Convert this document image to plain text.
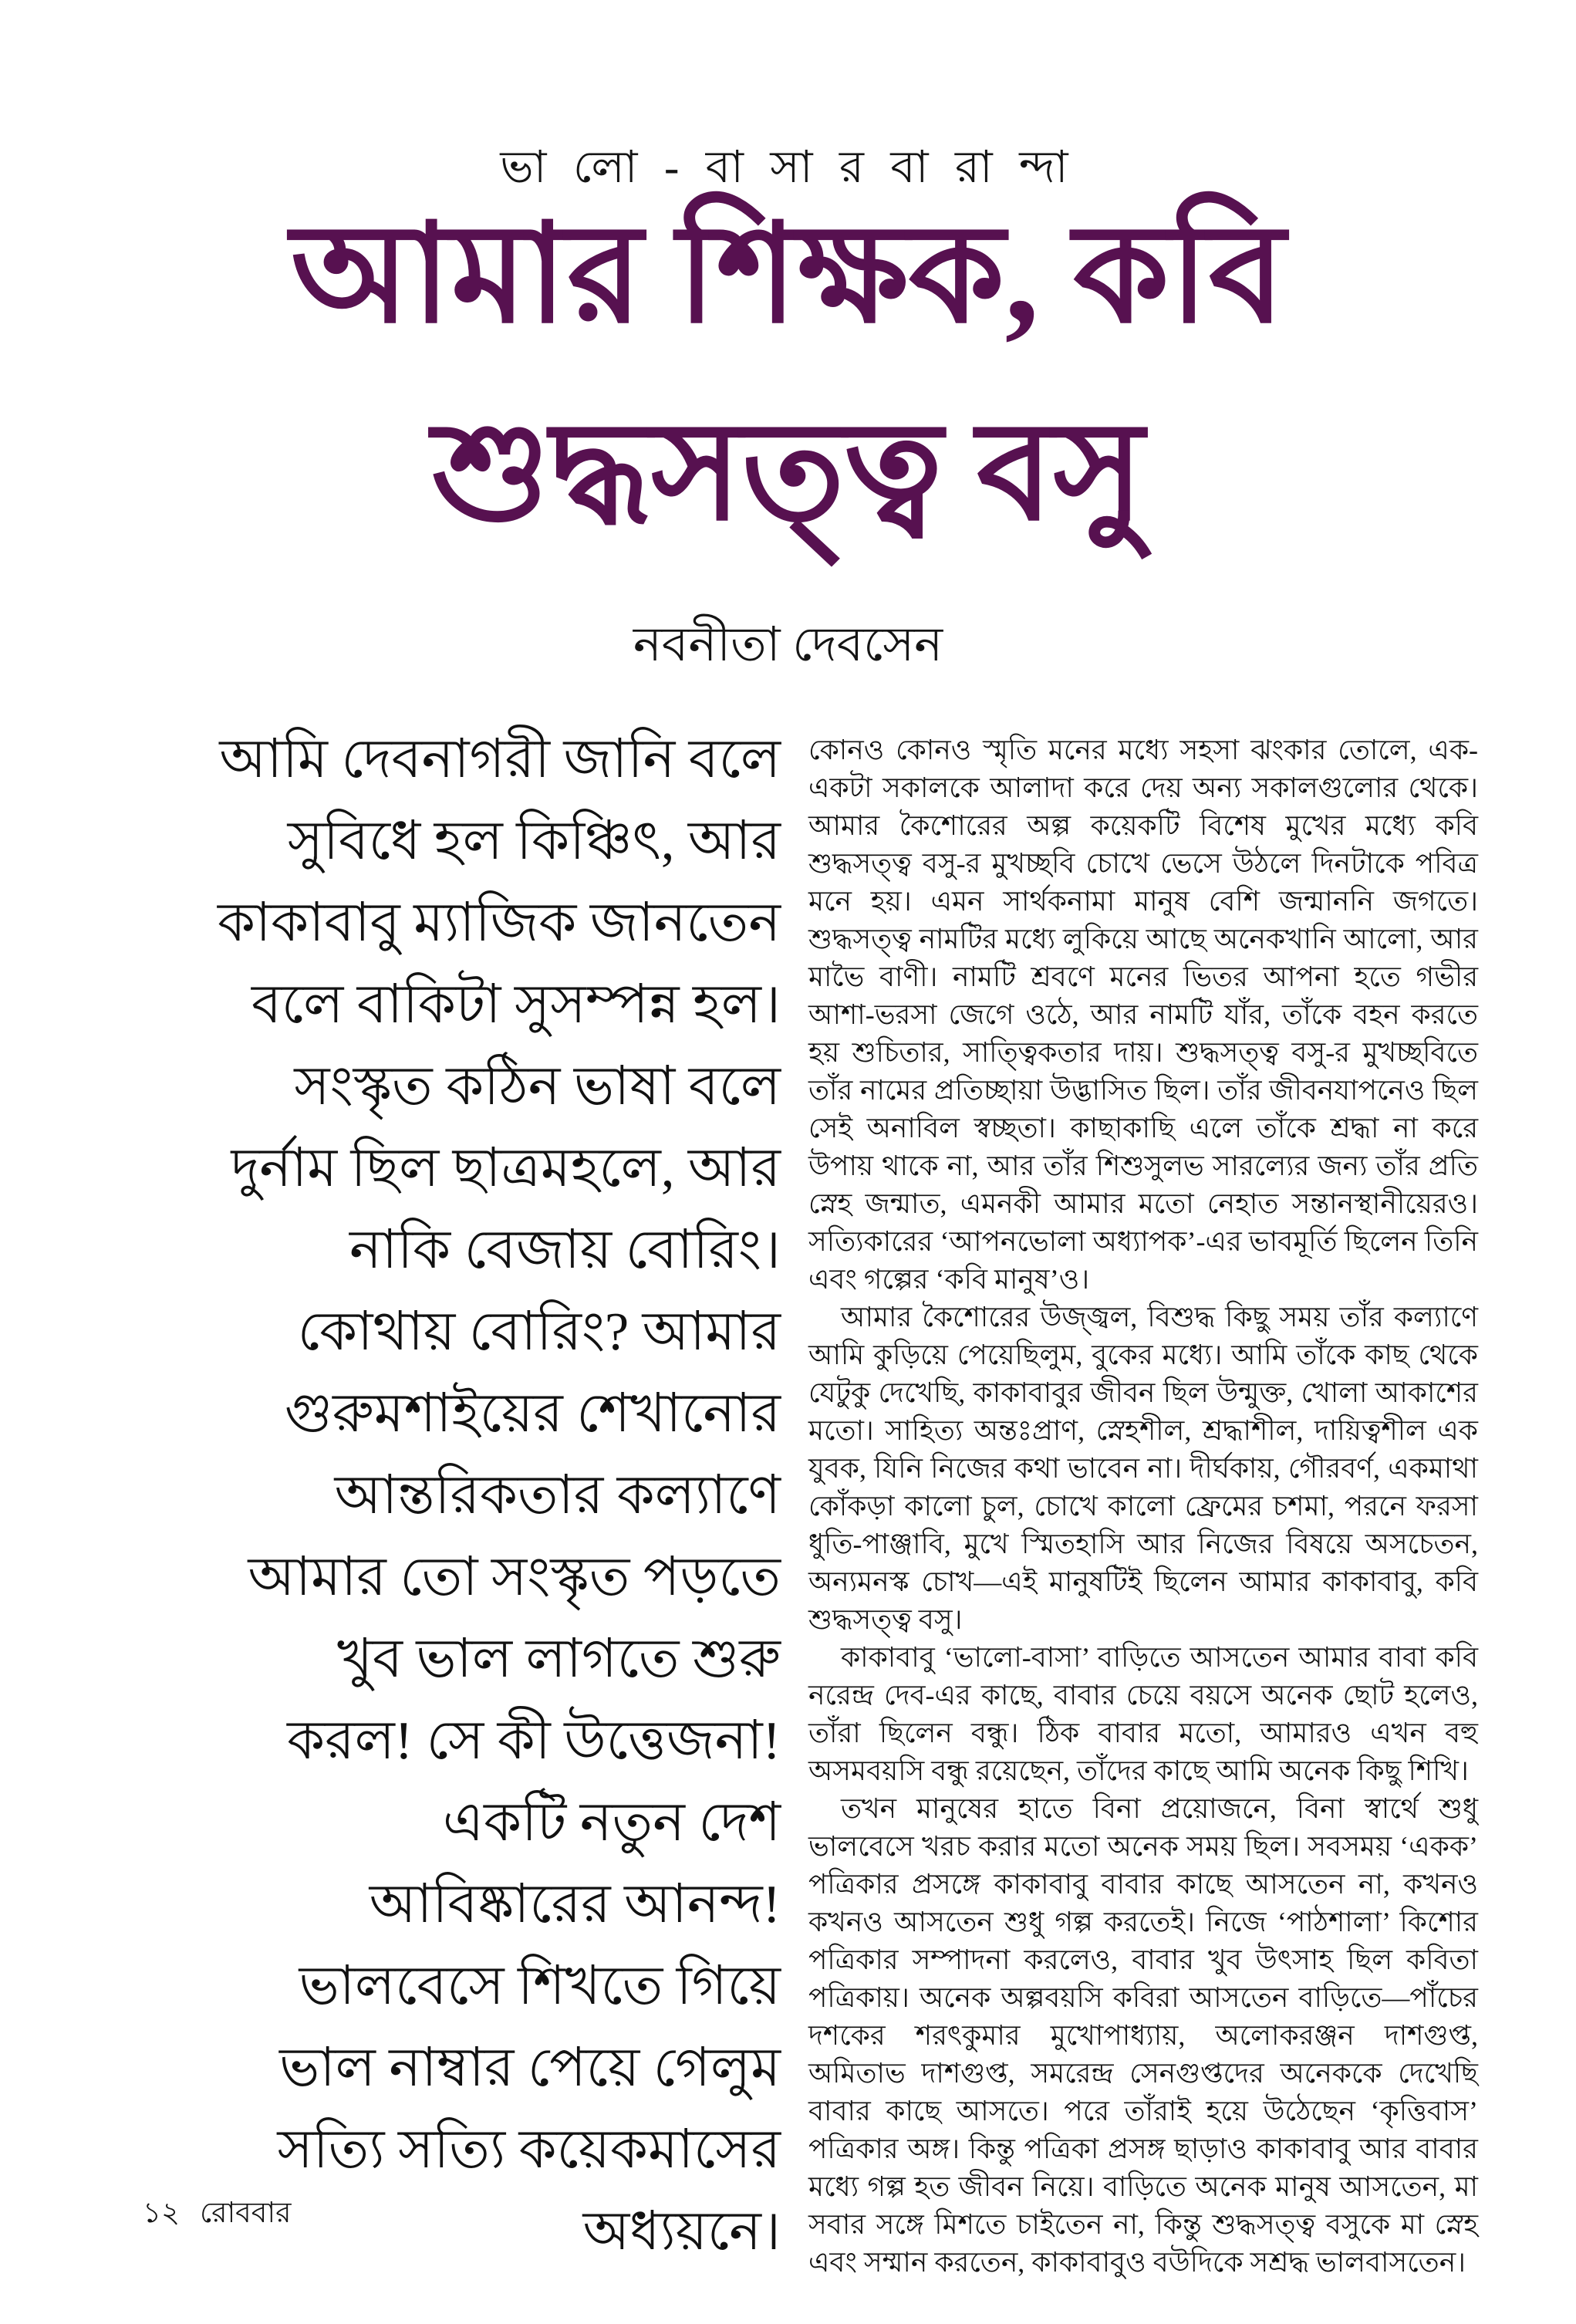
ভা লো - বা সা র বা রা ন্দা
আমার শিক্ষক, কবি
শুদ্ধসত্ত্ব বসু
নবনীতা দেবসেন
আমি দেবনাগরী জানি বলে
সুবিধে হল কিঞ্চিৎ, আর
কাকাবাবু ম্যাজিক জানতেন
বলে বাকিটা সুসম্পন্ন হল।
সংস্কৃত কঠিন ভাষা বলে
দুর্নাম ছিল ছাত্রমহলে, আর
নাকি বেজায় বোরিং।
কোথায় বোরিং? আমার
গুরুমশাইয়ের শেখানোর
আন্তরিকতার কল্যাণে
আমার তো সংস্কৃত পড়তে
খুব ভাল লাগতে শুরু
করল! সে কী উত্তেজনা!
একটি নতুন দেশ
আবিষ্কারের আনন্দ!
ভালবেসে শিখতে গিয়ে
ভাল নাম্বার পেয়ে গেলুম
সত্যি সত্যি কয়েকমাসের
অধ্যয়নে।

কোনও কোনও স্মৃতি মনের মধ্যে সহসা ঝংকার তোলে, এক-একটা সকালকে আলাদা করে দেয় অন্য সকালগুলোর থেকে। আমার কৈশোরের অল্প কয়েকটি বিশেষ মুখের মধ্যে কবি শুদ্ধসত্ত্ব বসু-র মুখচ্ছবি চোখে ভেসে উঠলে দিনটাকে পবিত্র মনে হয়। এমন সার্থকনামা মানুষ বেশি জন্মাননি জগতে। শুদ্ধসত্ত্ব নামটির মধ্যে লুকিয়ে আছে অনেকখানি আলো, আর মাভৈ বাণী। নামটি শ্রবণে মনের ভিতর আপনা হতে গভীর আশা-ভরসা জেগে ওঠে, আর নামটি যাঁর, তাঁকে বহন করতে হয় শুচিতার, সাত্ত্বিকতার দায়। শুদ্ধসত্ত্ব বসু-র মুখচ্ছবিতে তাঁর নামের প্রতিচ্ছায়া উদ্ভাসিত ছিল। তাঁর জীবনযাপনেও ছিল সেই অনাবিল স্বচ্ছতা। কাছাকাছি এলে তাঁকে শ্রদ্ধা না করে উপায় থাকে না, আর তাঁর শিশুসুলভ সারল্যের জন্য তাঁর প্রতি স্নেহ জন্মাত, এমনকী আমার মতো নেহাত সন্তানস্থানীয়েরও। সত্যিকারের ‘আপনভোলা অধ্যাপক’-এর ভাবমূর্তি ছিলেন তিনি এবং গল্পের ‘কবি মানুষ’ও।

আমার কৈশোরের উজ্জ্বল, বিশুদ্ধ কিছু সময় তাঁর কল্যাণে আমি কুড়িয়ে পেয়েছিলুম, বুকের মধ্যে। আমি তাঁকে কাছ থেকে যেটুকু দেখেছি, কাকাবাবুর জীবন ছিল উন্মুক্ত, খোলা আকাশের মতো। সাহিত্য অন্তঃপ্রাণ, স্নেহশীল, শ্রদ্ধাশীল, দায়িত্বশীল এক যুবক, যিনি নিজের কথা ভাবেন না। দীর্ঘকায়, গৌরবর্ণ, একমাথা কোঁকড়া কালো চুল, চোখে কালো ফ্রেমের চশমা, পরনে ফরসা ধুতি-পাঞ্জাবি, মুখে স্মিতহাসি আর নিজের বিষয়ে অসচেতন, অন্যমনস্ক চোখ—এই মানুষটিই ছিলেন আমার কাকাবাবু, কবি শুদ্ধসত্ত্ব বসু।

কাকাবাবু ‘ভালো-বাসা’ বাড়িতে আসতেন আমার বাবা কবি নরেন্দ্র দেব-এর কাছে, বাবার চেয়ে বয়সে অনেক ছোট হলেও, তাঁরা ছিলেন বন্ধু। ঠিক বাবার মতো, আমারও এখন বহু অসমবয়সি বন্ধু রয়েছেন, তাঁদের কাছে আমি অনেক কিছু শিখি।

তখন মানুষের হাতে বিনা প্রয়োজনে, বিনা স্বার্থে শুধু ভালবেসে খরচ করার মতো অনেক সময় ছিল। সবসময় ‘একক’ পত্রিকার প্রসঙ্গে কাকাবাবু বাবার কাছে আসতেন না, কখনও কখনও আসতেন শুধু গল্প করতেই। নিজে ‘পাঠশালা’ কিশোর পত্রিকার সম্পাদনা করলেও, বাবার খুব উৎসাহ ছিল কবিতা পত্রিকায়। অনেক অল্পবয়সি কবিরা আসতেন বাড়িতে—পাঁচের দশকের শরৎকুমার মুখোপাধ্যায়, অলোকরঞ্জন দাশগুপ্ত, অমিতাভ দাশগুপ্ত, সমরেন্দ্র সেনগুপ্তদের অনেককে দেখেছি বাবার কাছে আসতে। পরে তাঁরাই হয়ে উঠেছেন ‘কৃত্তিবাস’ পত্রিকার অঙ্গ। কিন্তু পত্রিকা প্রসঙ্গ ছাড়াও কাকাবাবু আর বাবার মধ্যে গল্প হত জীবন নিয়ে। বাড়িতে অনেক মানুষ আসতেন, মা সবার সঙ্গে মিশতে চাইতেন না, কিন্তু শুদ্ধসত্ত্ব বসুকে মা স্নেহ এবং সম্মান করতেন, কাকাবাবুও বউদিকে সশ্রদ্ধ ভালবাসতেন।

১২ রোববার
